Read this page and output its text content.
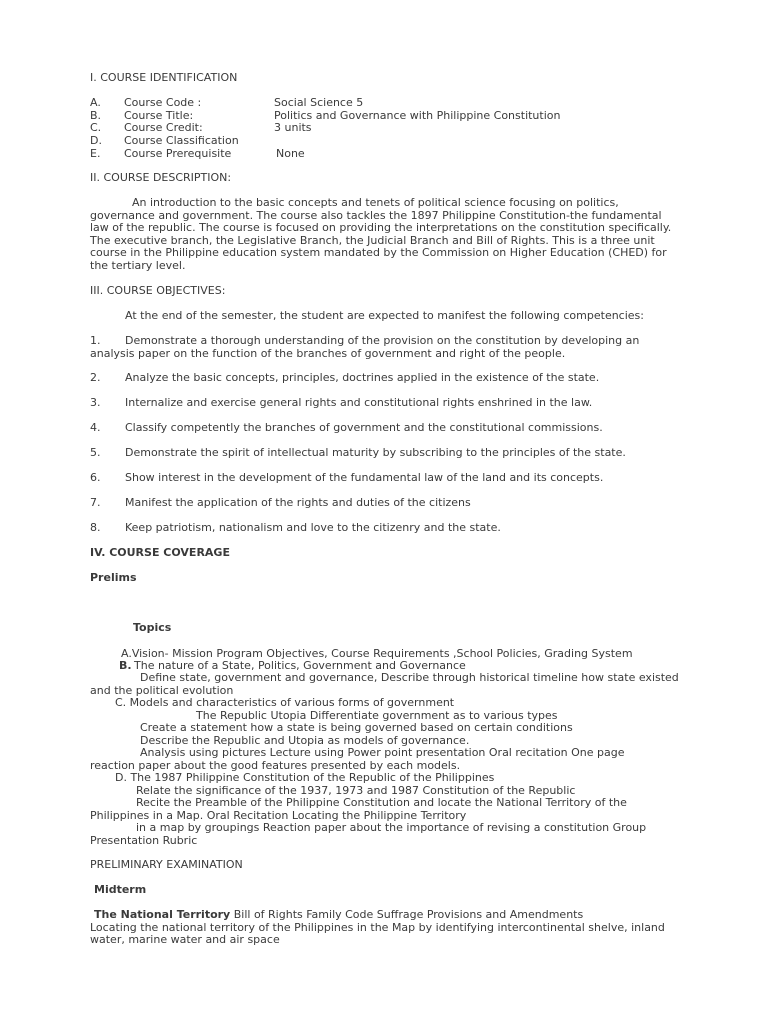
I. COURSE IDENTIFICATION
A. Course Code :	Social Science 5
B. Course Title:	Politics and Governance with Philippine Constitution
C. Course Credit:	3 units
D. Course Classification
E. Course Prerequisite	None
II. COURSE DESCRIPTION:
An introduction to the basic concepts and tenets of political science focusing on politics, governance and government. The course also tackles the 1897 Philippine Constitution-the fundamental law of the republic. The course is focused on providing the interpretations on the constitution specifically. The executive branch, the Legislative Branch, the Judicial Branch and Bill of Rights. This is a three unit course in the Philippine education system mandated by the Commission on Higher Education (CHED) for the tertiary level.
III. COURSE OBJECTIVES:
At the end of the semester, the student are expected to manifest the following competencies:
1. Demonstrate a thorough understanding of the provision on the constitution by developing an
analysis paper on the function of the branches of government and right of the people.
2. Analyze the basic concepts, principles, doctrines applied in the existence of the state.
3. Internalize and exercise general rights and constitutional rights enshrined in the law.
4. Classify competently the branches of government and the constitutional commissions.
5. Demonstrate the spirit of intellectual maturity by subscribing to the principles of the state.
6. Show interest in the development of the fundamental law of the land and its concepts.
7. Manifest the application of the rights and duties of the citizens
8. Keep patriotism, nationalism and love to the citizenry and the state.
IV. COURSE COVERAGE
Prelims
Topics
A.Vision- Mission Program Objectives, Course Requirements ,School Policies, Grading System
B. The nature of a State, Politics, Government and Governance
Define state, government and governance, Describe through historical timeline how state existed
and the political evolution
C. Models and characteristics of various forms of government
The Republic Utopia Differentiate government as to various types
Create a statement how a state is being governed based on certain conditions
Describe the Republic and Utopia as models of governance.
Analysis using pictures Lecture using Power point presentation Oral recitation One page
reaction paper about the good features presented by each models.
D. The 1987 Philippine Constitution of the Republic of the Philippines
Relate the significance of the 1937, 1973 and 1987 Constitution of the Republic
Recite the Preamble of the Philippine Constitution and locate the National Territory of the
Philippines in a Map. Oral Recitation Locating the Philippine Territory
in a map by groupings Reaction paper about the importance of revising a constitution Group
Presentation Rubric
PRELIMINARY EXAMINATION
Midterm
The National Territory Bill of Rights Family Code Suffrage Provisions and Amendments
Locating the national territory of the Philippines in the Map by identifying intercontinental shelve, inland
water, marine water and air space
